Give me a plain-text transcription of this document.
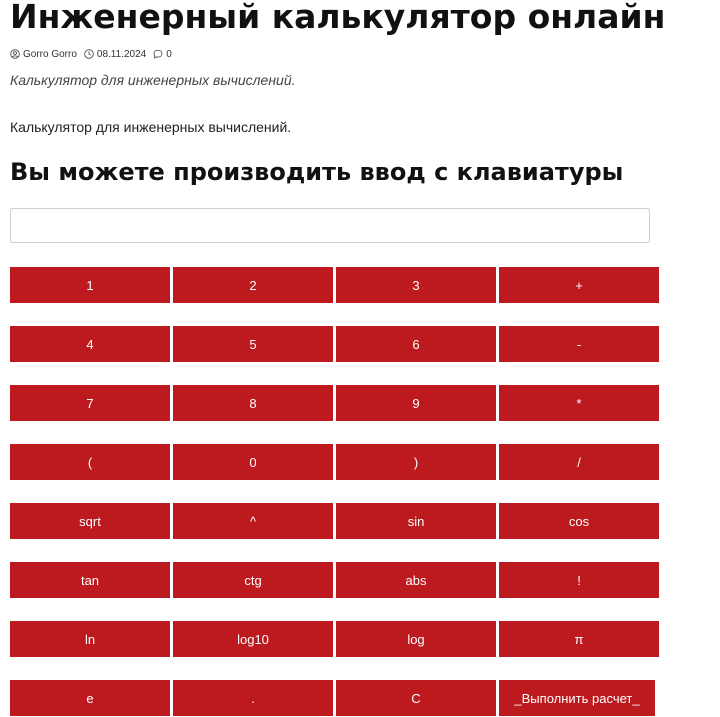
Инженерный калькулятор онлайн
Gorro Gorro 08.11.2024 0

Калькулятор для инженерных вычислений.

Калькулятор для инженерных вычислений.

Вы можете производить ввод с клавиатуры
1	2	3	+
4	5	6	-
7	8	9	*
(	0	)	/
sqrt	^	sin	cos
tan	ctg	abs	!
ln	log10	log	π
e	.	C	_Выполнить расчет_
